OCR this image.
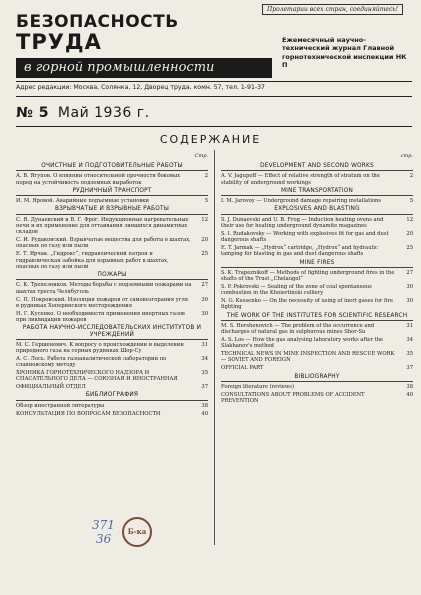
Пролетарии всех стран, соединяйтесь!
БЕЗОПАСНОСТЬ
ТРУДА
в горной промышленности
Ежемесячный научно-технический журнал Главной горнотехнической инспекции НК П
Адрес редакции: Москва, Солянка, 12, Дворец труда, комн. 57, тел. 1-91-37
№ 5 Май 1936 г.
СОДЕРЖАНИЕ
Стр.
ОЧИСТНЫЕ И ПОДГОТОВИТЕЛЬНЫЕ РАБОТЫ
А. В. Ягупов. О влиянии относительной прочности боковых пород на устойчивость подземных выработок
2
РУДНИЧНЫЙ ТРАНСПОРТ
И. М. Яровой. Аварийные подъемные установки	5
ВЗРЫВЧАТЫЕ И ВЗРЫВНЫЕ РАБОТЫ
С. Я. Дунаевский и В. Г. Фрог. Индукционные нагревательные печи и их применение для оттаивания зиншихся динамитных складов
12
С. И. Рудаковский. Взрывчатые вещества для работы в шахтах, опасных по газу или пыли
20
Е. Т. Ярчак. „Гидрокс“, гидравлический патрон и гидравлическая забойка для взрывных работ в шахтах, опасных по газу или пыли
25
ПОЖАРЫ
С. К. Трепезников. Методы борьбы с подземными пожарами на шахтах треста Челябуголь
27
С. П. Покровский. Изоляция пожаров от самовозгорания угля в рудниках Хоперинского месторождения
30
Н. Г. Кусенко. О необходимости применения инертных газов при ликвидации пожаров
30
РАБОТА НАУЧНО-ИССЛЕДОВАТЕЛЬСКИХ ИНСТИТУТОВ И УЧРЕЖДЕНИЙ
М. С. Гершенович. К вопросу о происхождении и выделении природного газа на серных рудниках Шор-Су
31
А. С. Лось. Работа газоаналитической лаборатории по сланновскому методу
34
ХРОНИКА ГОРНОТЕХНИЧЕСКОГО НАДЗОРА И СПАСАТЕЛЬНОГО ДЕЛА — СОЮЗНАЯ И ИНОСТРАННАЯ
35
ОФИЦИАЛЬНЫЙ ОТДЕЛ	37
БИБЛИОГРАФИЯ
Обзор иностранной литературы	38
КОНСУЛЬТАЦИЯ ПО ВОПРОСАМ БЕЗОПАСНОСТИ	40
стр.
DEVELOPMENT AND SECOND WORKS
A. V. Jagupoff — Effect of relative strength of stratum on the stability of underground workings
2
MINE TRANSPORTATION
I. M. Jarovoy — Underground damage repairing installations	5
EXPLOSIVES AND BLASTING
S. J. Dunaevski and U. B. Frog — Induction heating ovens and their use for heating underground dynamite magazines
12
S. I. Rudakovsky — Working with explosives fit for gas and dust dangerous shafts
20
E. T. Jarmak — „Hydrox“ cartridge, „Hydrox“ and hydraulic tamping for blasting in gas and dust dangerous shafts
25
MINE FIRES
S. K. Trapeznikoff — Methods of fighting underground fires in the shafts of the Trust „Chelaugol“
27
S. P. Pokrovski — Sealing of the zone of coal spontaneous combustion in the Khoiertinski colliery
30
N. G. Kussenko — On the necessity of using of inert gases for fire fighting
30
THE WORK OF THE INSTITUTES FOR SCIENTIFIC RESEARCH
M. S. Hershenovich — The problem of the occurrence and discharges of natural gas in sulphurous mines Shor-Su
31
A. S. Los — How the gas analysing laboratory works after the Slakhanov's method
34
TECHNICAL NEWS IN MINE INSPECTION AND RESCUE WORK — SOVIET AND FOREIGN
35
OFFICIAL PART	37
BIBLIOGRAPHY
Foreign literature (reviews)	38
CONSULTATIONS ABOUT PROBLEMS OF ACCIDENT PREVENTION
40
371
36
Б-ка
